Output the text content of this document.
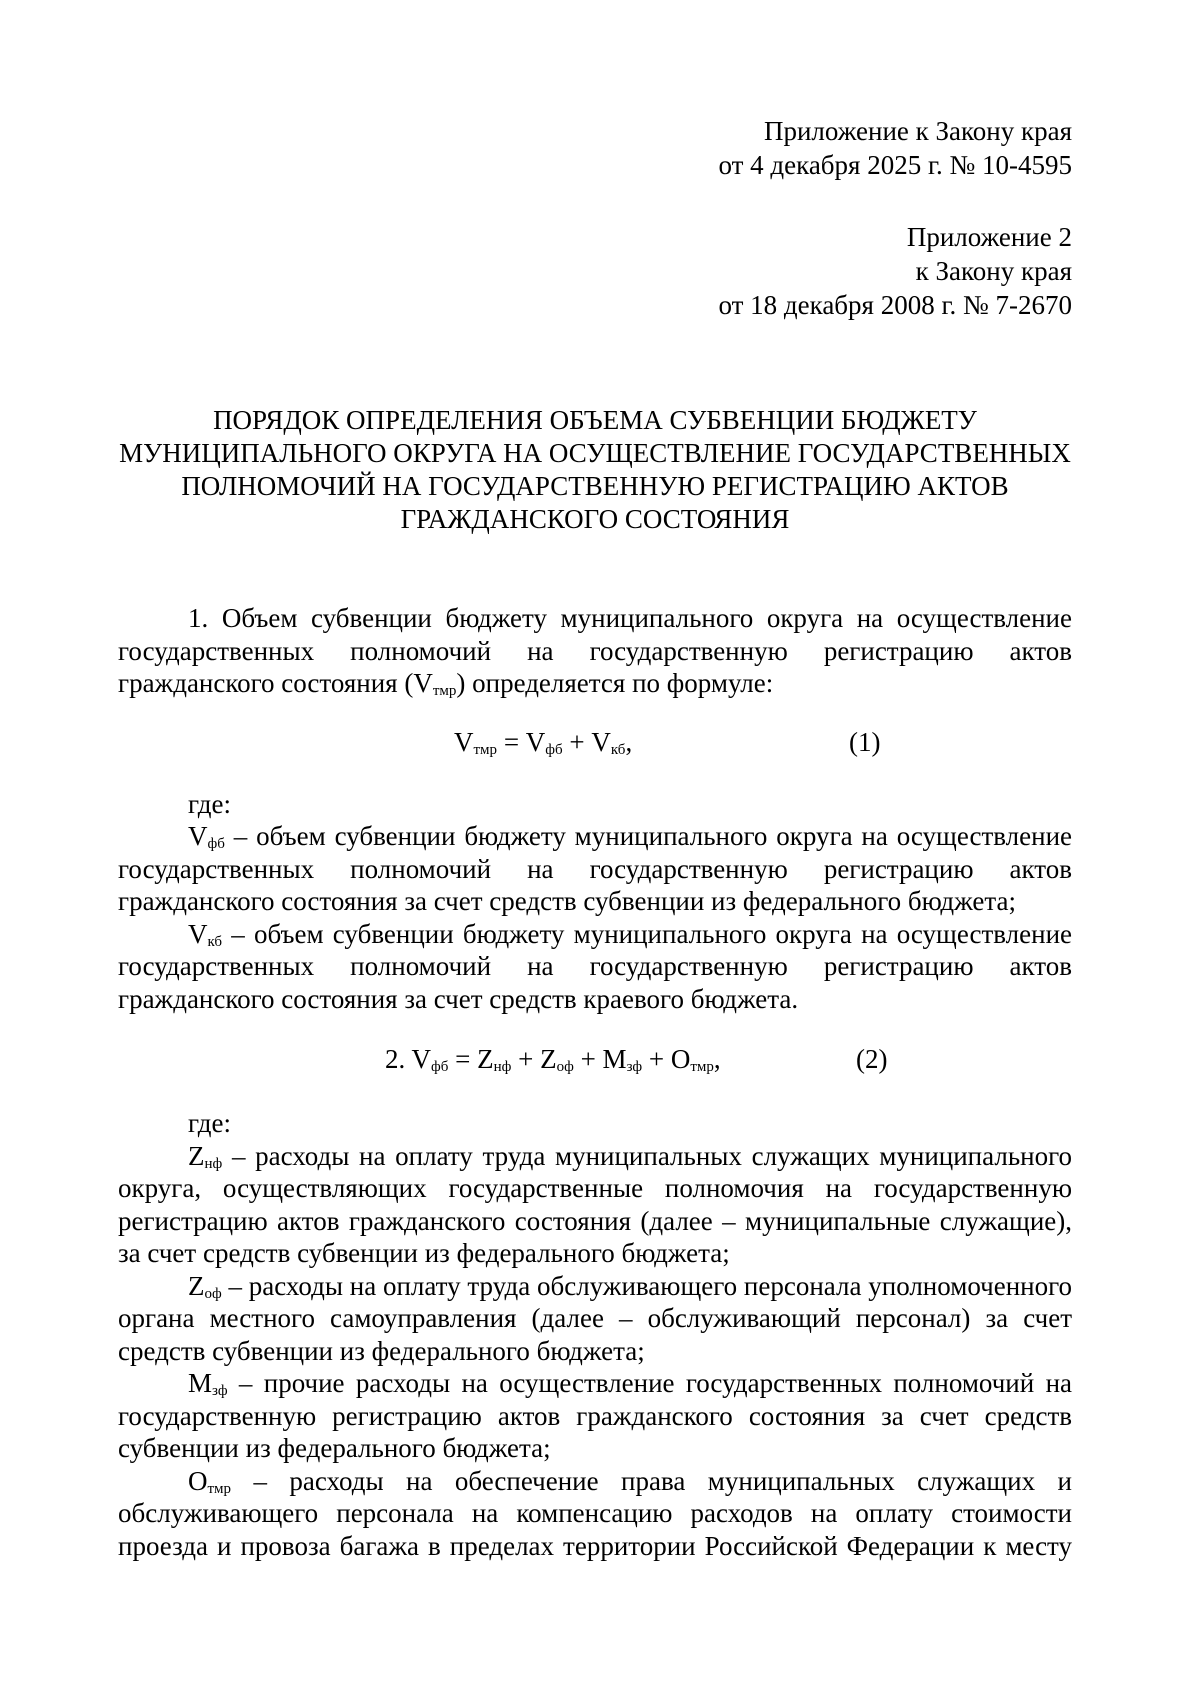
Приложение к Закону края
от 4 декабря 2025 г. № 10-4595
Приложение 2
к Закону края
от 18 декабря 2008 г. № 7-2670
ПОРЯДОК ОПРЕДЕЛЕНИЯ ОБЪЕМА СУБВЕНЦИИ БЮДЖЕТУ
МУНИЦИПАЛЬНОГО ОКРУГА НА ОСУЩЕСТВЛЕНИЕ ГОСУДАРСТВЕННЫХ
ПОЛНОМОЧИЙ НА ГОСУДАРСТВЕННУЮ РЕГИСТРАЦИЮ АКТОВ
ГРАЖДАНСКОГО СОСТОЯНИЯ

1. Объем субвенции бюджету муниципального округа на осуществление государственных полномочий на государственную регистрацию актов гражданского состояния $(V_{тмр})$ определяется по формуле:

$V_{тмр} = V_{фб} + V_{кб}$,	(1)

где:

$V_{фб}$ – объем субвенции бюджету муниципального округа на осуществление государственных полномочий на государственную регистрацию актов гражданского состояния за счет средств субвенции из федерального бюджета;

$V_{кб}$ – объем субвенции бюджету муниципального округа на осуществление государственных полномочий на государственную регистрацию актов гражданского состояния за счет средств краевого бюджета.

2. $V_{фб} = Z_{нф} + Z_{оф} + M_{зф} + O_{тмр}$,	(2)

где:

$Z_{нф}$ – расходы на оплату труда муниципальных служащих муниципального округа, осуществляющих государственные полномочия на государственную регистрацию актов гражданского состояния (далее – муниципальные служащие), за счет средств субвенции из федерального бюджета;

$Z_{оф}$ – расходы на оплату труда обслуживающего персонала уполномоченного органа местного самоуправления (далее – обслуживающий персонал) за счет средств субвенции из федерального бюджета;

$M_{зф}$ – прочие расходы на осуществление государственных полномочий на государственную регистрацию актов гражданского состояния за счет средств субвенции из федерального бюджета;

$O_{тмр}$ – расходы на обеспечение права муниципальных служащих и обслуживающего персонала на компенсацию расходов на оплату стоимости проезда и провоза багажа в пределах территории Российской Федерации к месту
